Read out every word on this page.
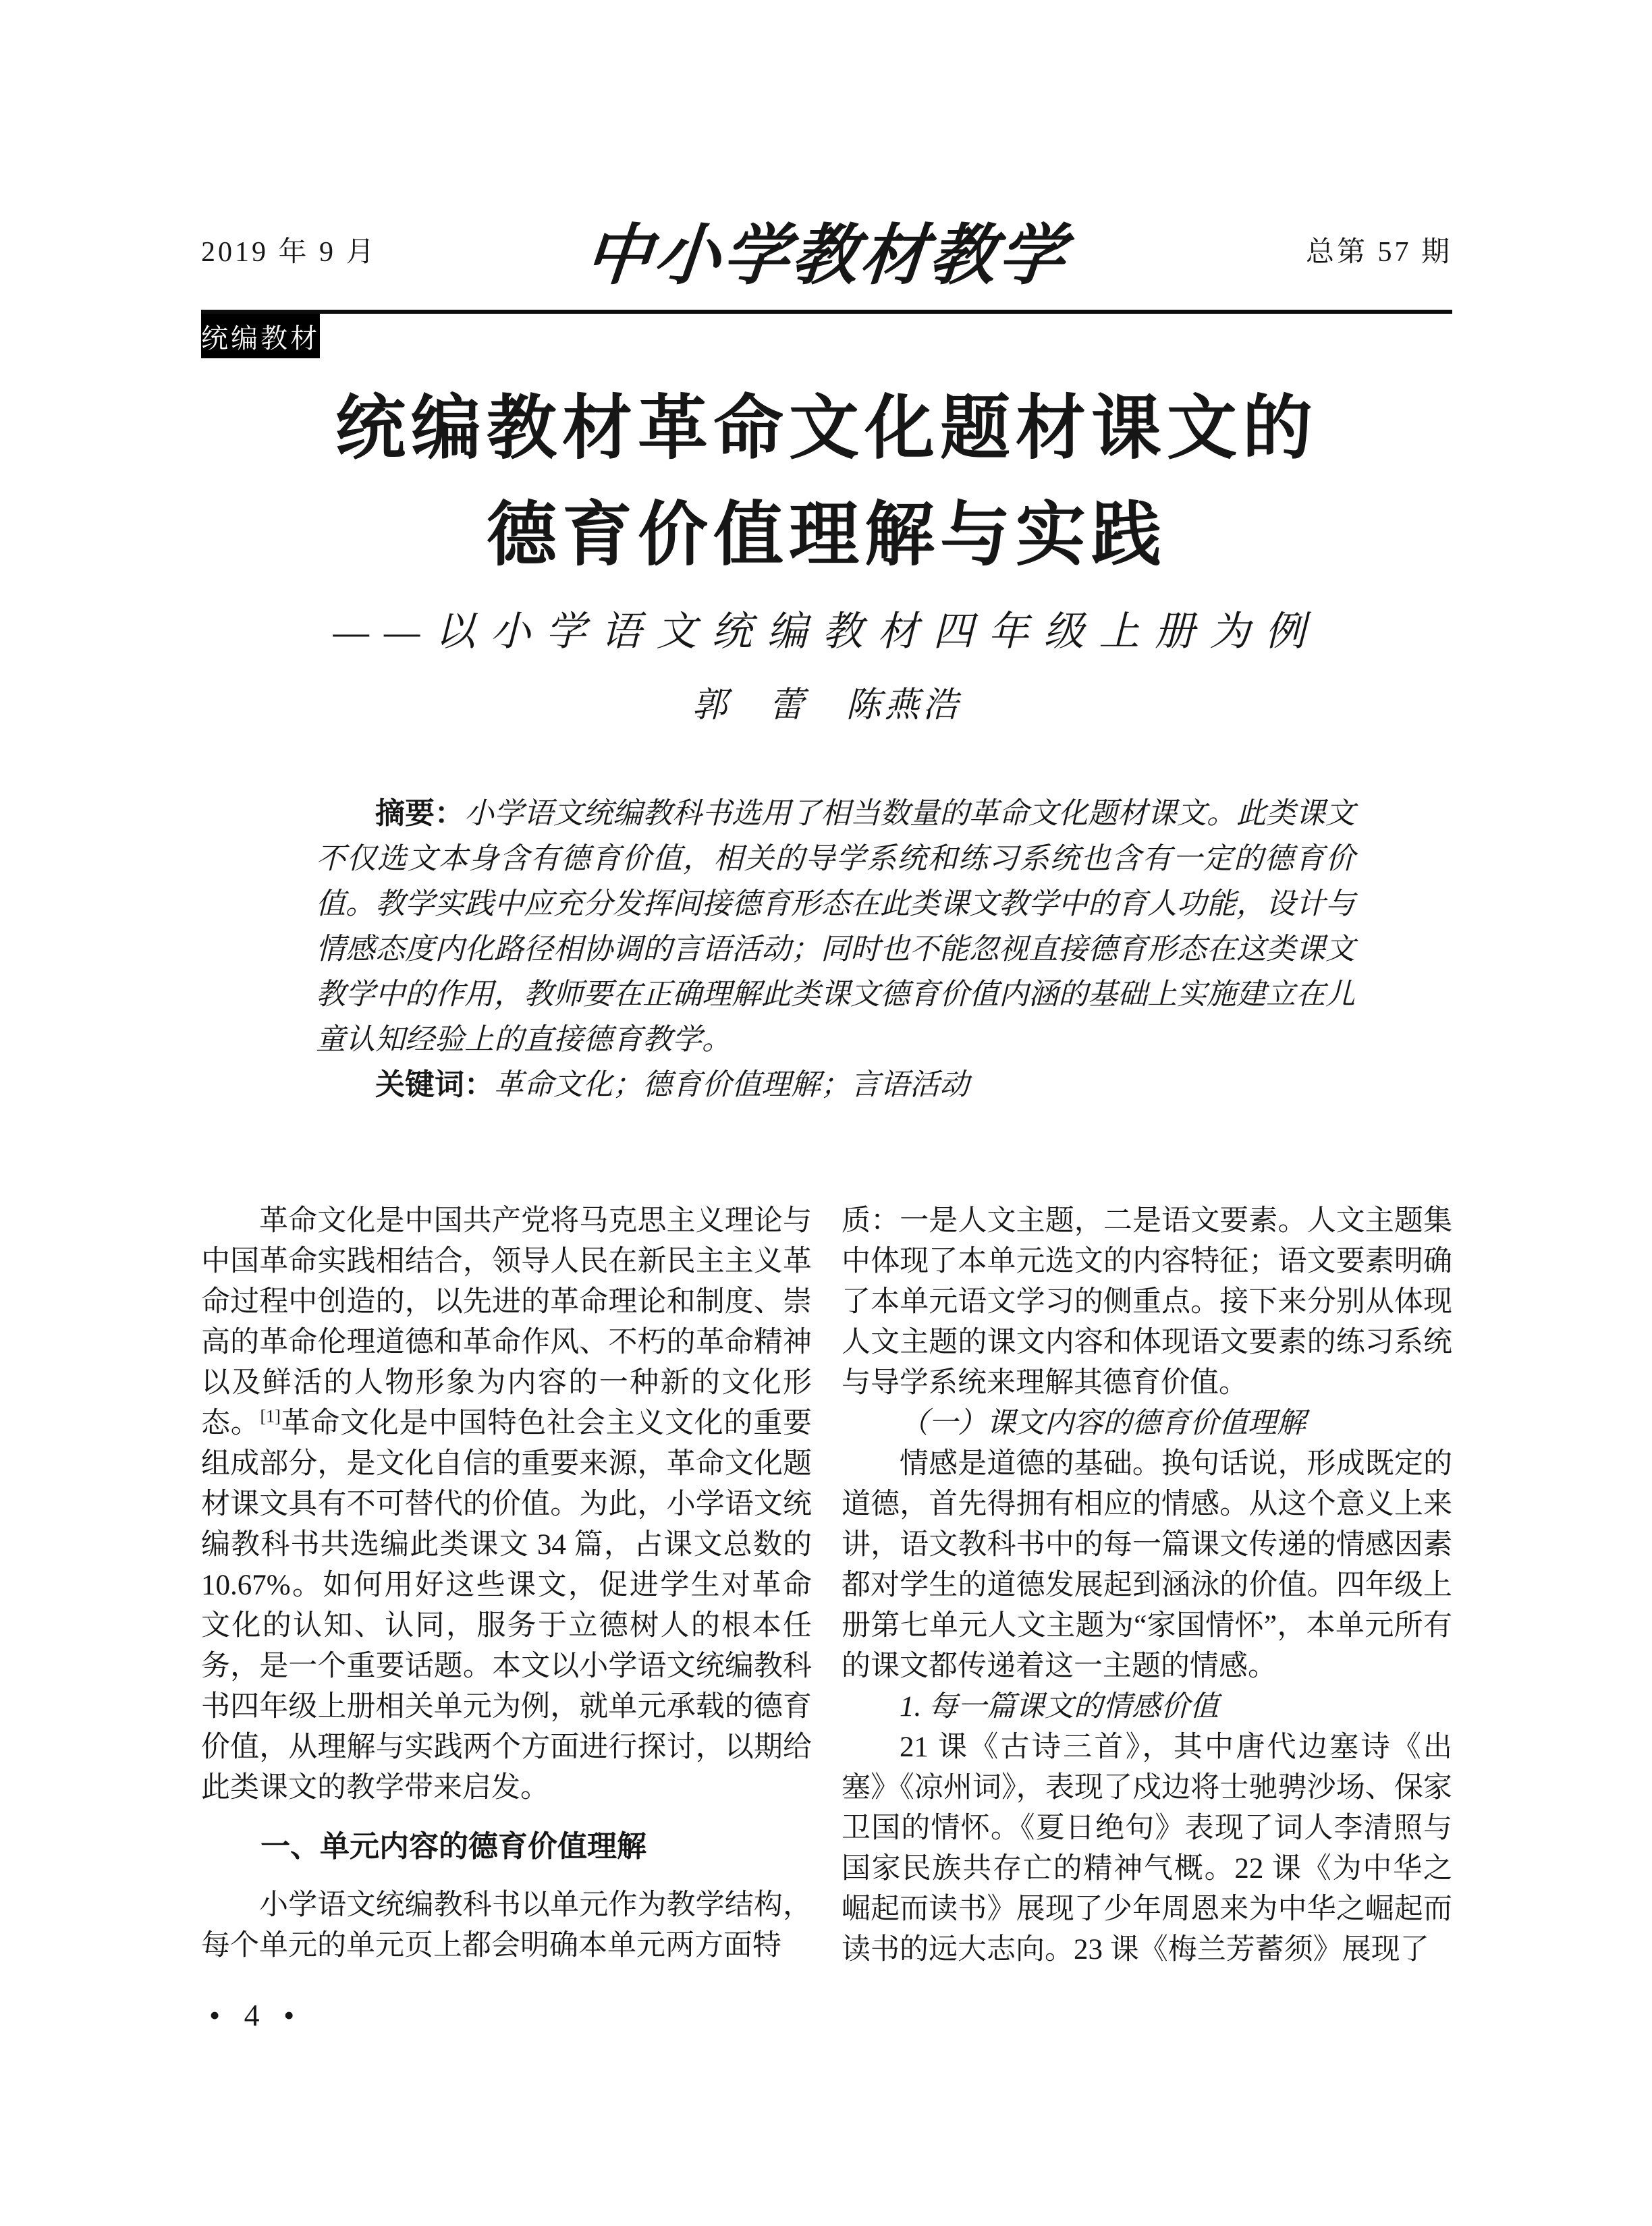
2019 年 9 月	中小学教材教学	总第 57 期
统编教材
统编教材革命文化题材课文的
德育价值理解与实践
——以小学语文统编教材四年级上册为例
郭　蕾　陈燕浩

摘要：小学语文统编教科书选用了相当数量的革命文化题材课文。此类课文不仅选文本身含有德育价值，相关的导学系统和练习系统也含有一定的德育价值。教学实践中应充分发挥间接德育形态在此类课文教学中的育人功能，设计与情感态度内化路径相协调的言语活动；同时也不能忽视直接德育形态在这类课文教学中的作用，教师要在正确理解此类课文德育价值内涵的基础上实施建立在儿童认知经验上的直接德育教学。

关键词：革命文化；德育价值理解；言语活动

革命文化是中国共产党将马克思主义理论与中国革命实践相结合，领导人民在新民主主义革命过程中创造的，以先进的革命理论和制度、崇高的革命伦理道德和革命作风、不朽的革命精神以及鲜活的人物形象为内容的一种新的文化形态。[1]革命文化是中国特色社会主义文化的重要组成部分，是文化自信的重要来源，革命文化题材课文具有不可替代的价值。为此，小学语文统编教科书共选编此类课文 34 篇，占课文总数的 10.67%。如何用好这些课文，促进学生对革命文化的认知、认同，服务于立德树人的根本任务，是一个重要话题。本文以小学语文统编教科书四年级上册相关单元为例，就单元承载的德育价值，从理解与实践两个方面进行探讨，以期给此类课文的教学带来启发。

一、单元内容的德育价值理解

小学语文统编教科书以单元作为教学结构，每个单元的单元页上都会明确本单元两方面特

质：一是人文主题，二是语文要素。人文主题集中体现了本单元选文的内容特征；语文要素明确了本单元语文学习的侧重点。接下来分别从体现人文主题的课文内容和体现语文要素的练习系统与导学系统来理解其德育价值。

（一）课文内容的德育价值理解

情感是道德的基础。换句话说，形成既定的道德，首先得拥有相应的情感。从这个意义上来讲，语文教科书中的每一篇课文传递的情感因素都对学生的道德发展起到涵泳的价值。四年级上册第七单元人文主题为“家国情怀”，本单元所有的课文都传递着这一主题的情感。

1. 每一篇课文的情感价值

21 课《古诗三首》，其中唐代边塞诗《出塞》《凉州词》，表现了戍边将士驰骋沙场、保家卫国的情怀。《夏日绝句》表现了词人李清照与国家民族共存亡的精神气概。22 课《为中华之崛起而读书》展现了少年周恩来为中华之崛起而读书的远大志向。23 课《梅兰芳蓄须》展现了

• 4 •
